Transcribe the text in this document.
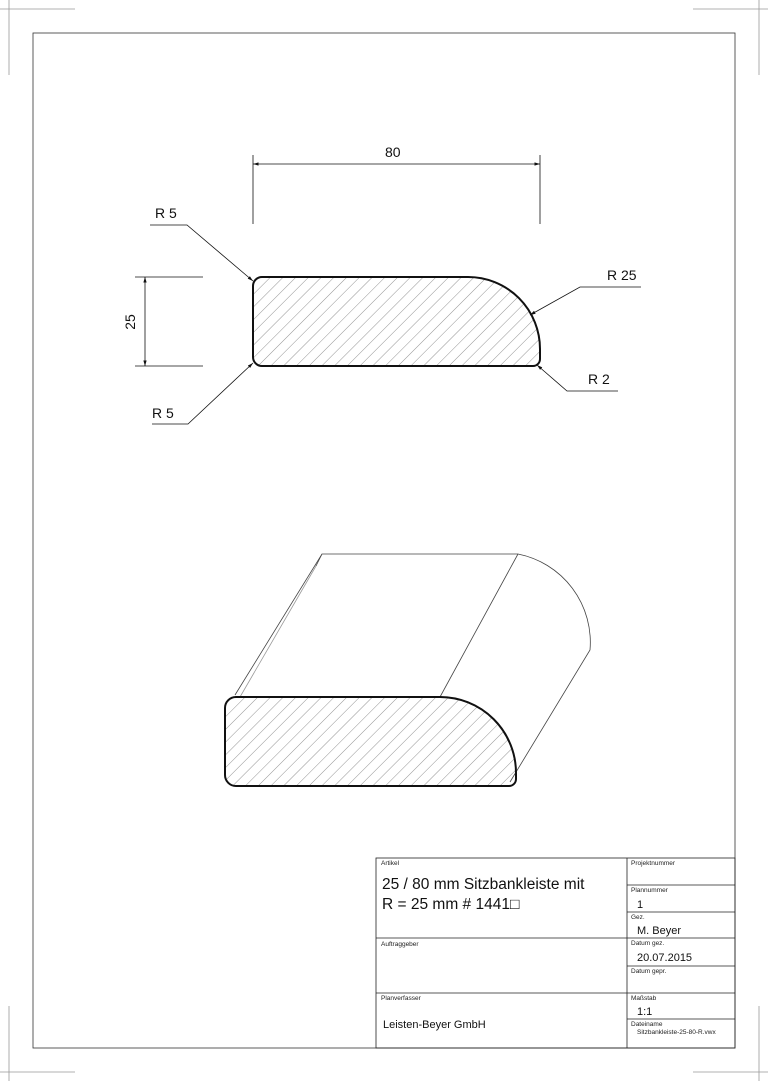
80
25
R 5
R 5
R 25
R 2
Artikel
25 / 80 mm Sitzbankleiste mit
R = 25 mm # 1441□
Projektnummer
Plannummer
1
Gez.
M. Beyer
Auftraggeber	Datum gez.
20.07.2015
Datum gepr.
Planverfasser
Leisten-Beyer GmbH
Maßstab
1:1
Dateiname
Sitzbankleiste-25-80-R.vwx
